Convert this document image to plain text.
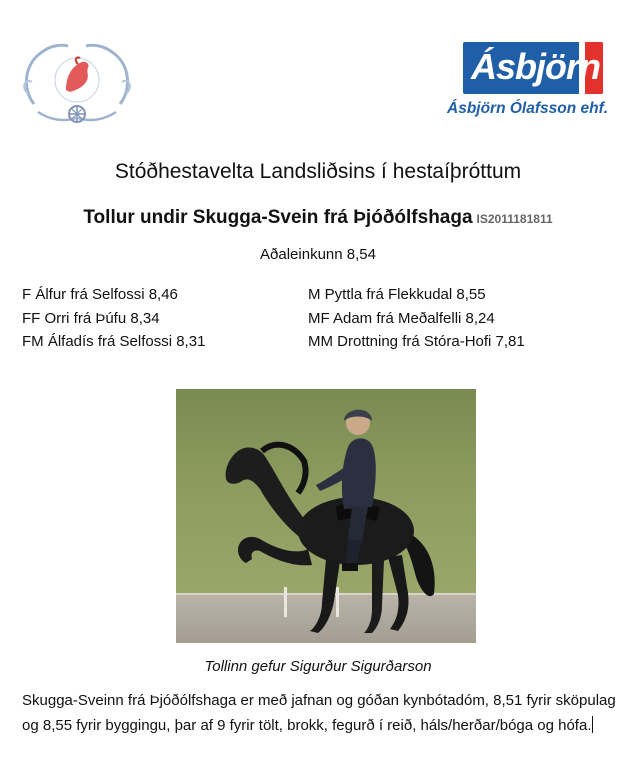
Ásbjörn
Ásbjörn Ólafsson ehf.
Stóðhestavelta Landsliðsins í hestaíþróttum
Tollur undir Skugga-Svein frá Þjóðólfshaga IS2011181811
Aðaleinkunn 8,54
F Álfur frá Selfossi 8,46
FF Orri frá Þúfu 8,34
FM Álfadís frá Selfossi 8,31
M Pyttla frá Flekkudal 8,55
MF Adam frá Meðalfelli 8,24
MM Drottning frá Stóra-Hofi 7,81
Tollinn gefur Sigurður Sigurðarson
Skugga-Sveinn frá Þjóðólfshaga er með jafnan og góðan kynbótadóm, 8,51 fyrir sköpulag og 8,55 fyrir byggingu, þar af 9 fyrir tölt, brokk, fegurð í reið, háls/herðar/bóga og hófa.
